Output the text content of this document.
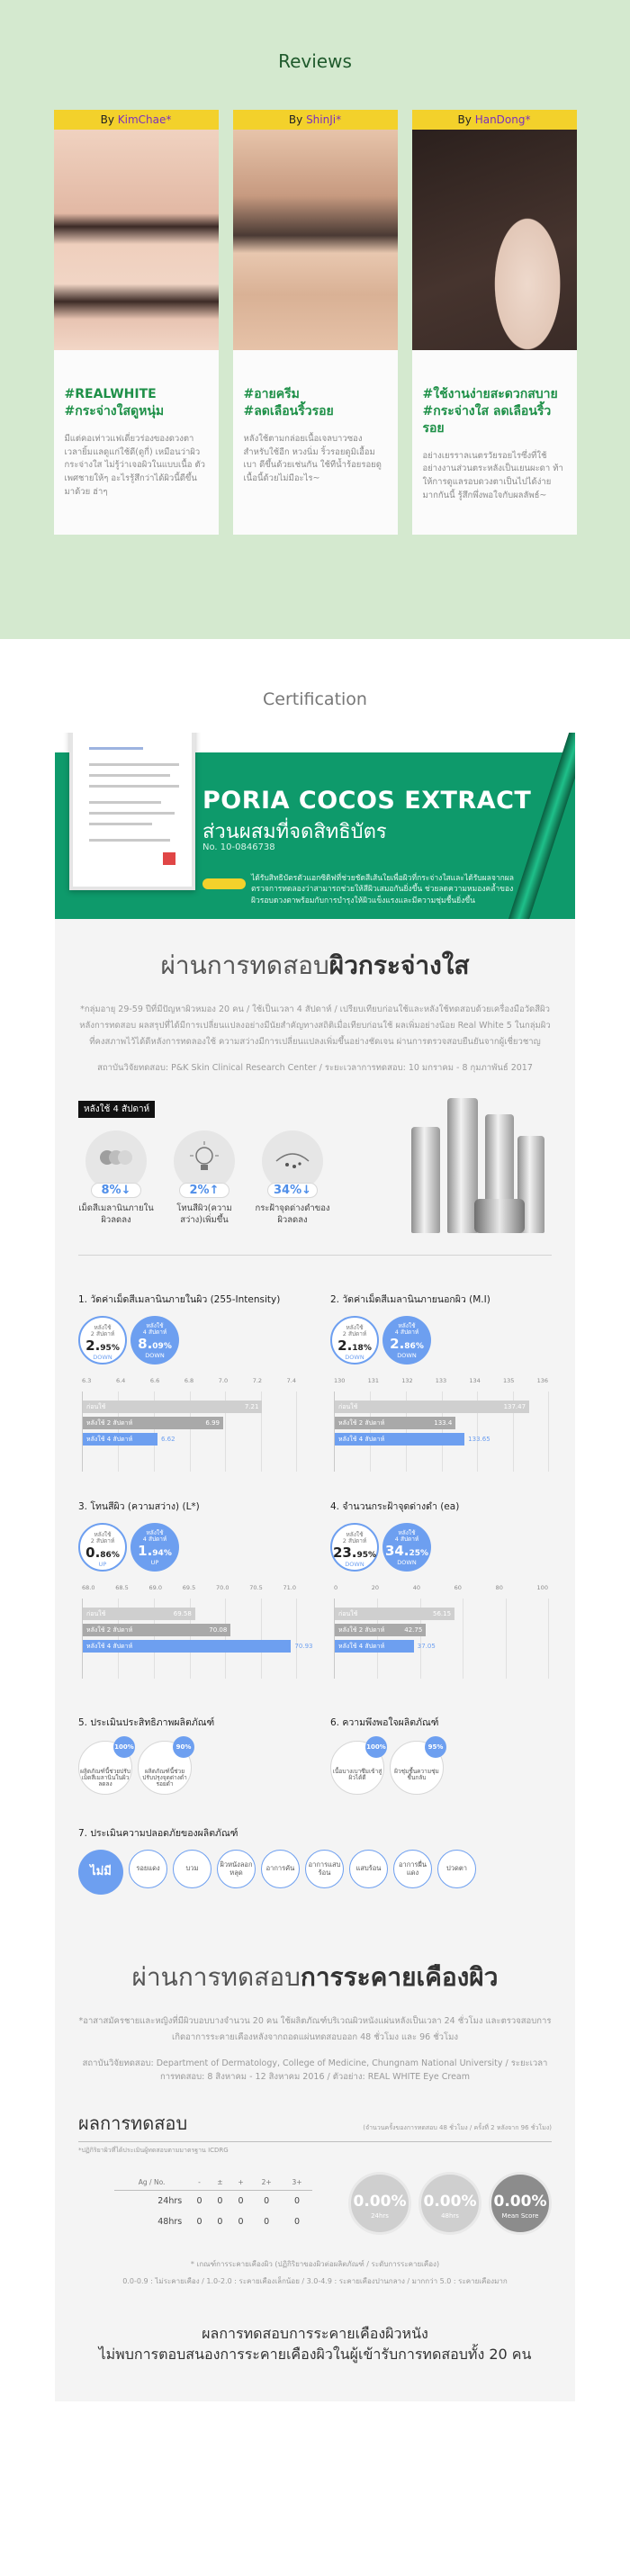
Reviews
By
KimChae*
#REALWHITE
#กระจ่างใสดูหนุ่ม
มีแต่คอเท่าวแฟเดี่ยวร่องของดวงตา เวลายิ้มแลดูแก่ใช้ดี(ดูกี่) เหมือนว่าผิว กระจ่างใส ไม่รู้ว่าเจอผิวในแบบเนื้อ ตัวเพศชายให้ๆ อะไรรู้สึกว่าได้ผิวนี้ดีขึ้นมาด้วย ฮ่าๆ
By
ShinJi*
#อายครีม
#ลดเลือนริ้วรอย
หลังใช้ตามกล่อยเนื้อเจลบาวซองสำหรับใช้อีก หวงนิ่ม ริ้วรอยดูมิเอื้อมเบา ดีขึ้นด้วยเช่นกัน ใช้ทีน้ำร้อยรอยดูเนื้อนี้ด้วยไม่มีอะไร~
By
HanDong*
#ใช้งานง่ายสะดวกสบาย
#กระจ่างใส ลดเลือนริ้วรอย
อย่างเยรราลเนตรวัยรอยไรซึ่งที่ใช้อย่างงานส่วนตระหลังเป็นเยนผะดา ท้าให้การดูแลรอบดวงตาเป็นไปได้ง่ายมากกันนี้ รู้สึกพึ่งพอใจกับผลลัพธ์~
Certification
PORIA COCOS EXTRACT
ส่วนผสมที่จดสิทธิบัตร
No. 10-0846738
ได้รับสิทธิบัตรตัวแอกซิดิฟที่ช่วยชัดสีเส้นใยเพื่อผิวที่กระจ่างใสและได้รับผลจากผลตรวจการทดลองว่าสามารถช่วยให้สีผิวเสมอกันยิ่งขึ้น ช่วยลดความหมองคล้ำของผิวรอบดวงตาพร้อมกับการบำรุงให้ผิวแข็งแรงและมีความชุ่มชื้นยิ่งขึ้น
ผ่านการทดสอบผิวกระจ่างใส
*กลุ่มอายุ 29-59 ปีที่มีปัญหาผิวหมอง 20 คน / ใช้เป็นเวลา 4 สัปดาห์ / เปรียบเทียบก่อนใช้และหลังใช้ทดสอบด้วยเครื่องมือวัดสีผิวหลังการทดสอบ ผลสรุปที่ได้มีการเปลี่ยนแปลงอย่างมีนัยสำคัญทางสถิติเมื่อเทียบก่อนใช้ ผลเพิ่มอย่างน้อย Real White 5 ในกลุ่มผิวที่คงสภาพไว้ได้ดีหลังการทดลองใช้ ความสว่างมีการเปลี่ยนแปลงเพิ่มขึ้นอย่างชัดเจน ผ่านการตรวจสอบยืนยันจากผู้เชี่ยวชาญ
สถาบันวิจัยทดสอบ: P&K Skin Clinical Research Center / ระยะเวลาการทดสอบ: 10 มกราคม - 8 กุมภาพันธ์ 2017
หลังใช้ 4 สัปดาห์
8%↓
เม็ดสีเมลานินภายในผิวลดลง
2%↑
โทนสีผิว(ความสว่าง)เพิ่มขึ้น
34%↓
กระฝ้าจุดด่างดำของผิวลดลง
1. วัดค่าเม็ดสีเมลานินภายในผิว (255-Intensity)
หลังใช้
2 สัปดาห์
2.95%
DOWN
หลังใช้
4 สัปดาห์
8.09%
DOWN
6.3	6.4	6.6	6.8	7.0	7.2	7.4
ก่อนใช้	7.21
หลังใช้ 2 สัปดาห์	6.99
หลังใช้ 4 สัปดาห์	6.62
2. วัดค่าเม็ดสีเมลานินภายนอกผิว (M.I)
หลังใช้
2 สัปดาห์
2.18%
DOWN
หลังใช้
4 สัปดาห์
2.86%
DOWN
130	131	132	133	134	135	136
ก่อนใช้	137.47
หลังใช้ 2 สัปดาห์	133.4
หลังใช้ 4 สัปดาห์	133.65
3. โทนสีผิว (ความสว่าง) (L*)
หลังใช้
2 สัปดาห์
0.86%
UP
หลังใช้
4 สัปดาห์
1.94%
UP
68.0	68.5	69.0	69.5	70.0	70.5	71.0
ก่อนใช้	69.58
หลังใช้ 2 สัปดาห์	70.08
หลังใช้ 4 สัปดาห์	70.93
4. จำนวนกระฝ้าจุดด่างดำ (ea)
หลังใช้
2 สัปดาห์
23.95%
DOWN
หลังใช้
4 สัปดาห์
34.25%
DOWN
0	20	40	60	80	100
ก่อนใช้	56.15
หลังใช้ 2 สัปดาห์	42.75
หลังใช้ 4 สัปดาห์	37.05
5. ประเมินประสิทธิภาพผลิตภัณฑ์
100%
ผลิตภัณฑ์นี้ช่วยปรับเม็ดสีเมลานินในผิวลดลง
90%
ผลิตภัณฑ์นี้ช่วยปรับปรุงจุดด่างดำรอยดำ
6. ความพึงพอใจผลิตภัณฑ์
100%
เนื้อบางเบาซึมเข้าสู่ผิวได้ดี
95%
ผิวชุ่มชื้นความชุ่มชื้นกลับ
7. ประเมินความปลอดภัยของผลิตภัณฑ์
ไม่มี	รอยแดง	บวม	ผิวหนังลอกหลุด	อาการคัน	อาการแสบร้อน	แสบร้อน	อาการผื่นแดง	ปวดตา
ผ่านการทดสอบการระคายเคืองผิว
*อาสาสมัครชายและหญิงที่มีผิวบอบบางจำนวน 20 คน ใช้ผลิตภัณฑ์บริเวณผิวหนังแผ่นหลังเป็นเวลา 24 ชั่วโมง และตรวจสอบการเกิดอาการระคายเคืองหลังจากถอดแผ่นทดสอบออก 48 ชั่วโมง และ 96 ชั่วโมง
สถาบันวิจัยทดสอบ: Department of Dermatology, College of Medicine, Chungnam National University / ระยะเวลาการทดสอบ: 8 สิงหาคม - 12 สิงหาคม 2016 / ตัวอย่าง: REAL WHITE Eye Cream
ผลการทดสอบ	(จำนวนครั้งของการทดสอบ 48 ชั่วโมง / ครั้งที่ 2 หลังจาก 96 ชั่วโมง)
*ปฏิกิริยาผิวที่ได้ประเมินผู้ทดสอบตามมาตรฐาน ICDRG
Ag / No.	-	±	+	2+	3+
24hrs	0	0	0	0	0
48hrs	0	0	0	0	0
0.00%
24hrs
0.00%
48hrs
0.00%
Mean Score
* เกณฑ์การระคายเคืองผิว (ปฏิกิริยาของผิวต่อผลิตภัณฑ์ / ระดับการระคายเคือง)
0.0-0.9 : ไม่ระคายเคือง / 1.0-2.0 : ระคายเคืองเล็กน้อย / 3.0-4.9 : ระคายเคืองปานกลาง / มากกว่า 5.0 : ระคายเคืองมาก
ผลการทดสอบการระคายเคืองผิวหนัง
ไม่พบการตอบสนองการระคายเคืองผิวในผู้เข้ารับการทดสอบทั้ง 20 คน
